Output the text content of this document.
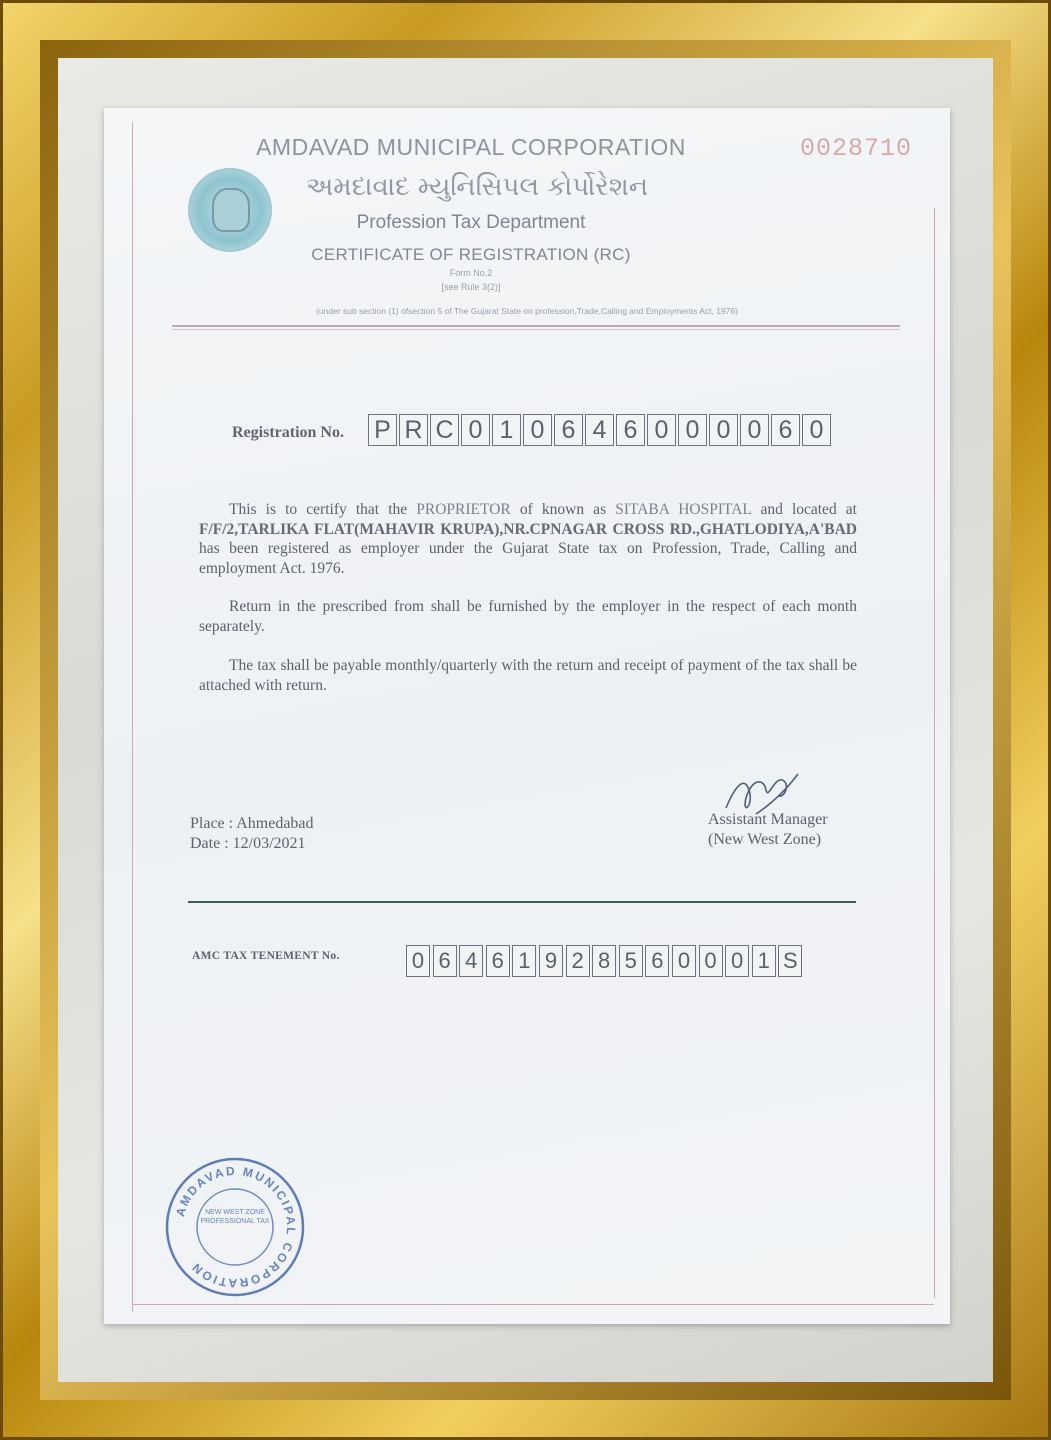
0028710
AMDAVAD MUNICIPAL CORPORATION
અમદાવાદ મ્યુનિસિપલ કોર્પોરેશન
Profession Tax Department
CERTIFICATE OF REGISTRATION (RC)
Form No.2
[see Rule 3(2)]
(under sub section (1) ofsection 5 of The Gujarat State on profession,Trade,Calling and Employments Act, 1976)
Registration No. P R C 0 1 0 6 4 6 0 0 0 0 6 0
This is to certify that the PROPRIETOR of known as SITABA HOSPITAL and located at F/F/2,TARLIKA FLAT(MAHAVIR KRUPA),NR.CPNAGAR CROSS RD.,GHATLODIYA,A'BAD has been registered as employer under the Gujarat State tax on Profession, Trade, Calling and employment Act. 1976.
Return in the prescribed from shall be furnished by the employer in the respect of each month separately.
The tax shall be payable monthly/quarterly with the return and receipt of payment of the tax shall be attached with return.
Place : Ahmedabad
Date : 12/03/2021
Assistant Manager
(New West Zone)
AMC TAX TENEMENT No.	0 6 4 6 1 9 2 8 5 6 0 0 0 1 S
AMDAVAD MUNICIPAL CORPORATION
NEW WEST ZONE PROFESSIONAL TAX
